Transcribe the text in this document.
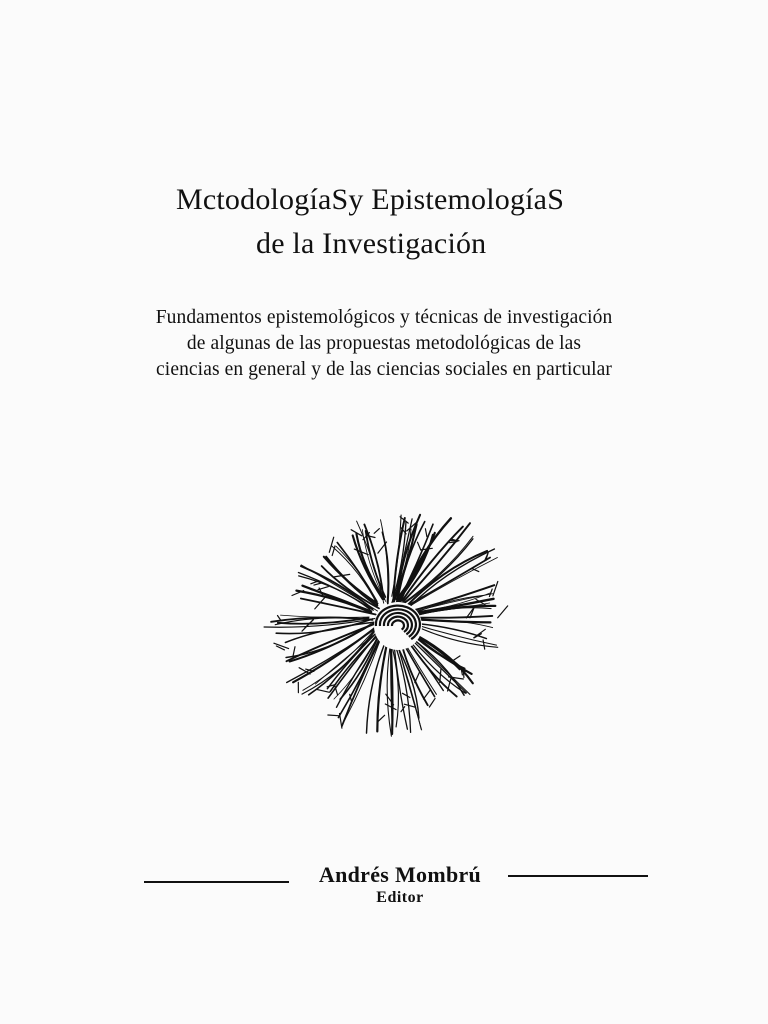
MctodologíaSy EpistemologíaS
de la Investigación
Fundamentos epistemológicos y técnicas de investigación
de algunas de las propuestas metodológicas de las
ciencias en general y de las ciencias sociales en particular
Andrés Mombrú
Editor
